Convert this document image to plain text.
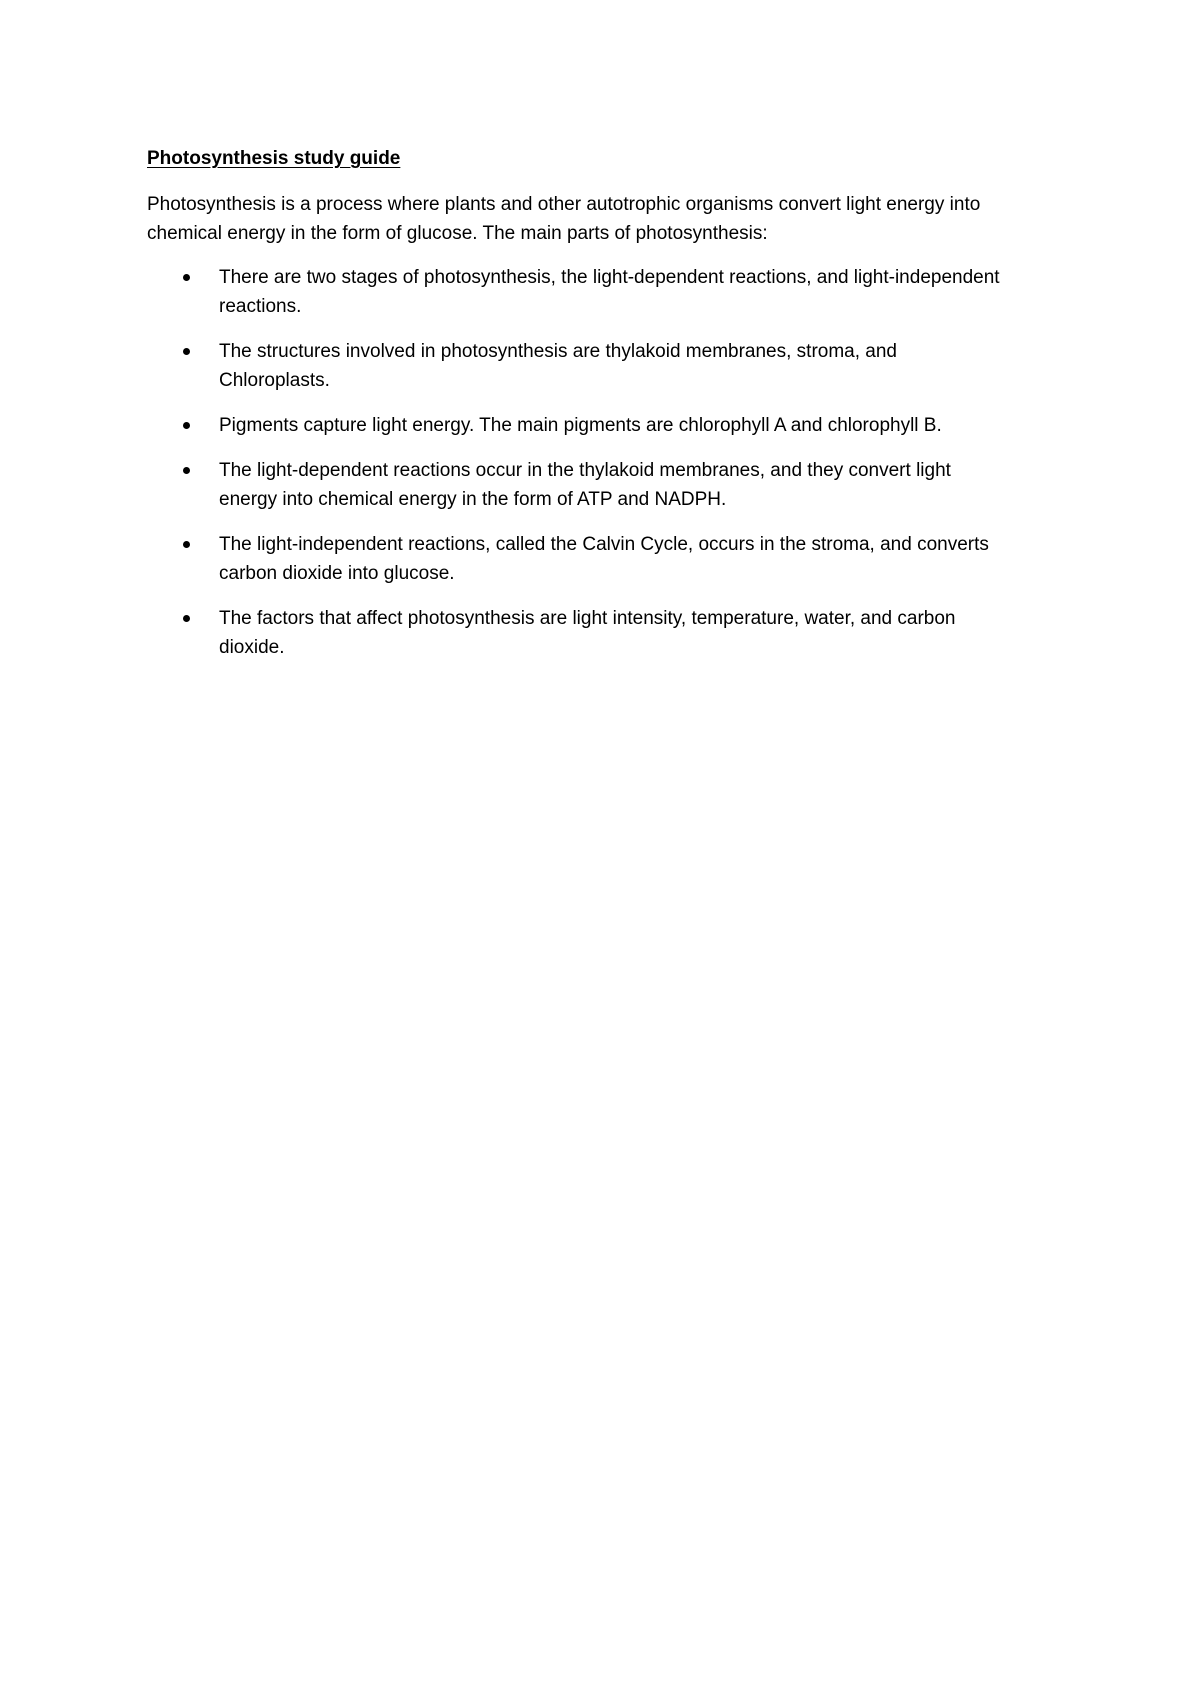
Photosynthesis study guide

Photosynthesis is a process where plants and other autotrophic organisms convert light energy into chemical energy in the form of glucose. The main parts of photosynthesis:

There are two stages of photosynthesis, the light-dependent reactions, and light-independent reactions.
The structures involved in photosynthesis are thylakoid membranes, stroma, and Chloroplasts.
Pigments capture light energy. The main pigments are chlorophyll A and chlorophyll B.
The light-dependent reactions occur in the thylakoid membranes, and they convert light energy into chemical energy in the form of ATP and NADPH.
The light-independent reactions, called the Calvin Cycle, occurs in the stroma, and converts carbon dioxide into glucose.
The factors that affect photosynthesis are light intensity, temperature, water, and carbon dioxide.
